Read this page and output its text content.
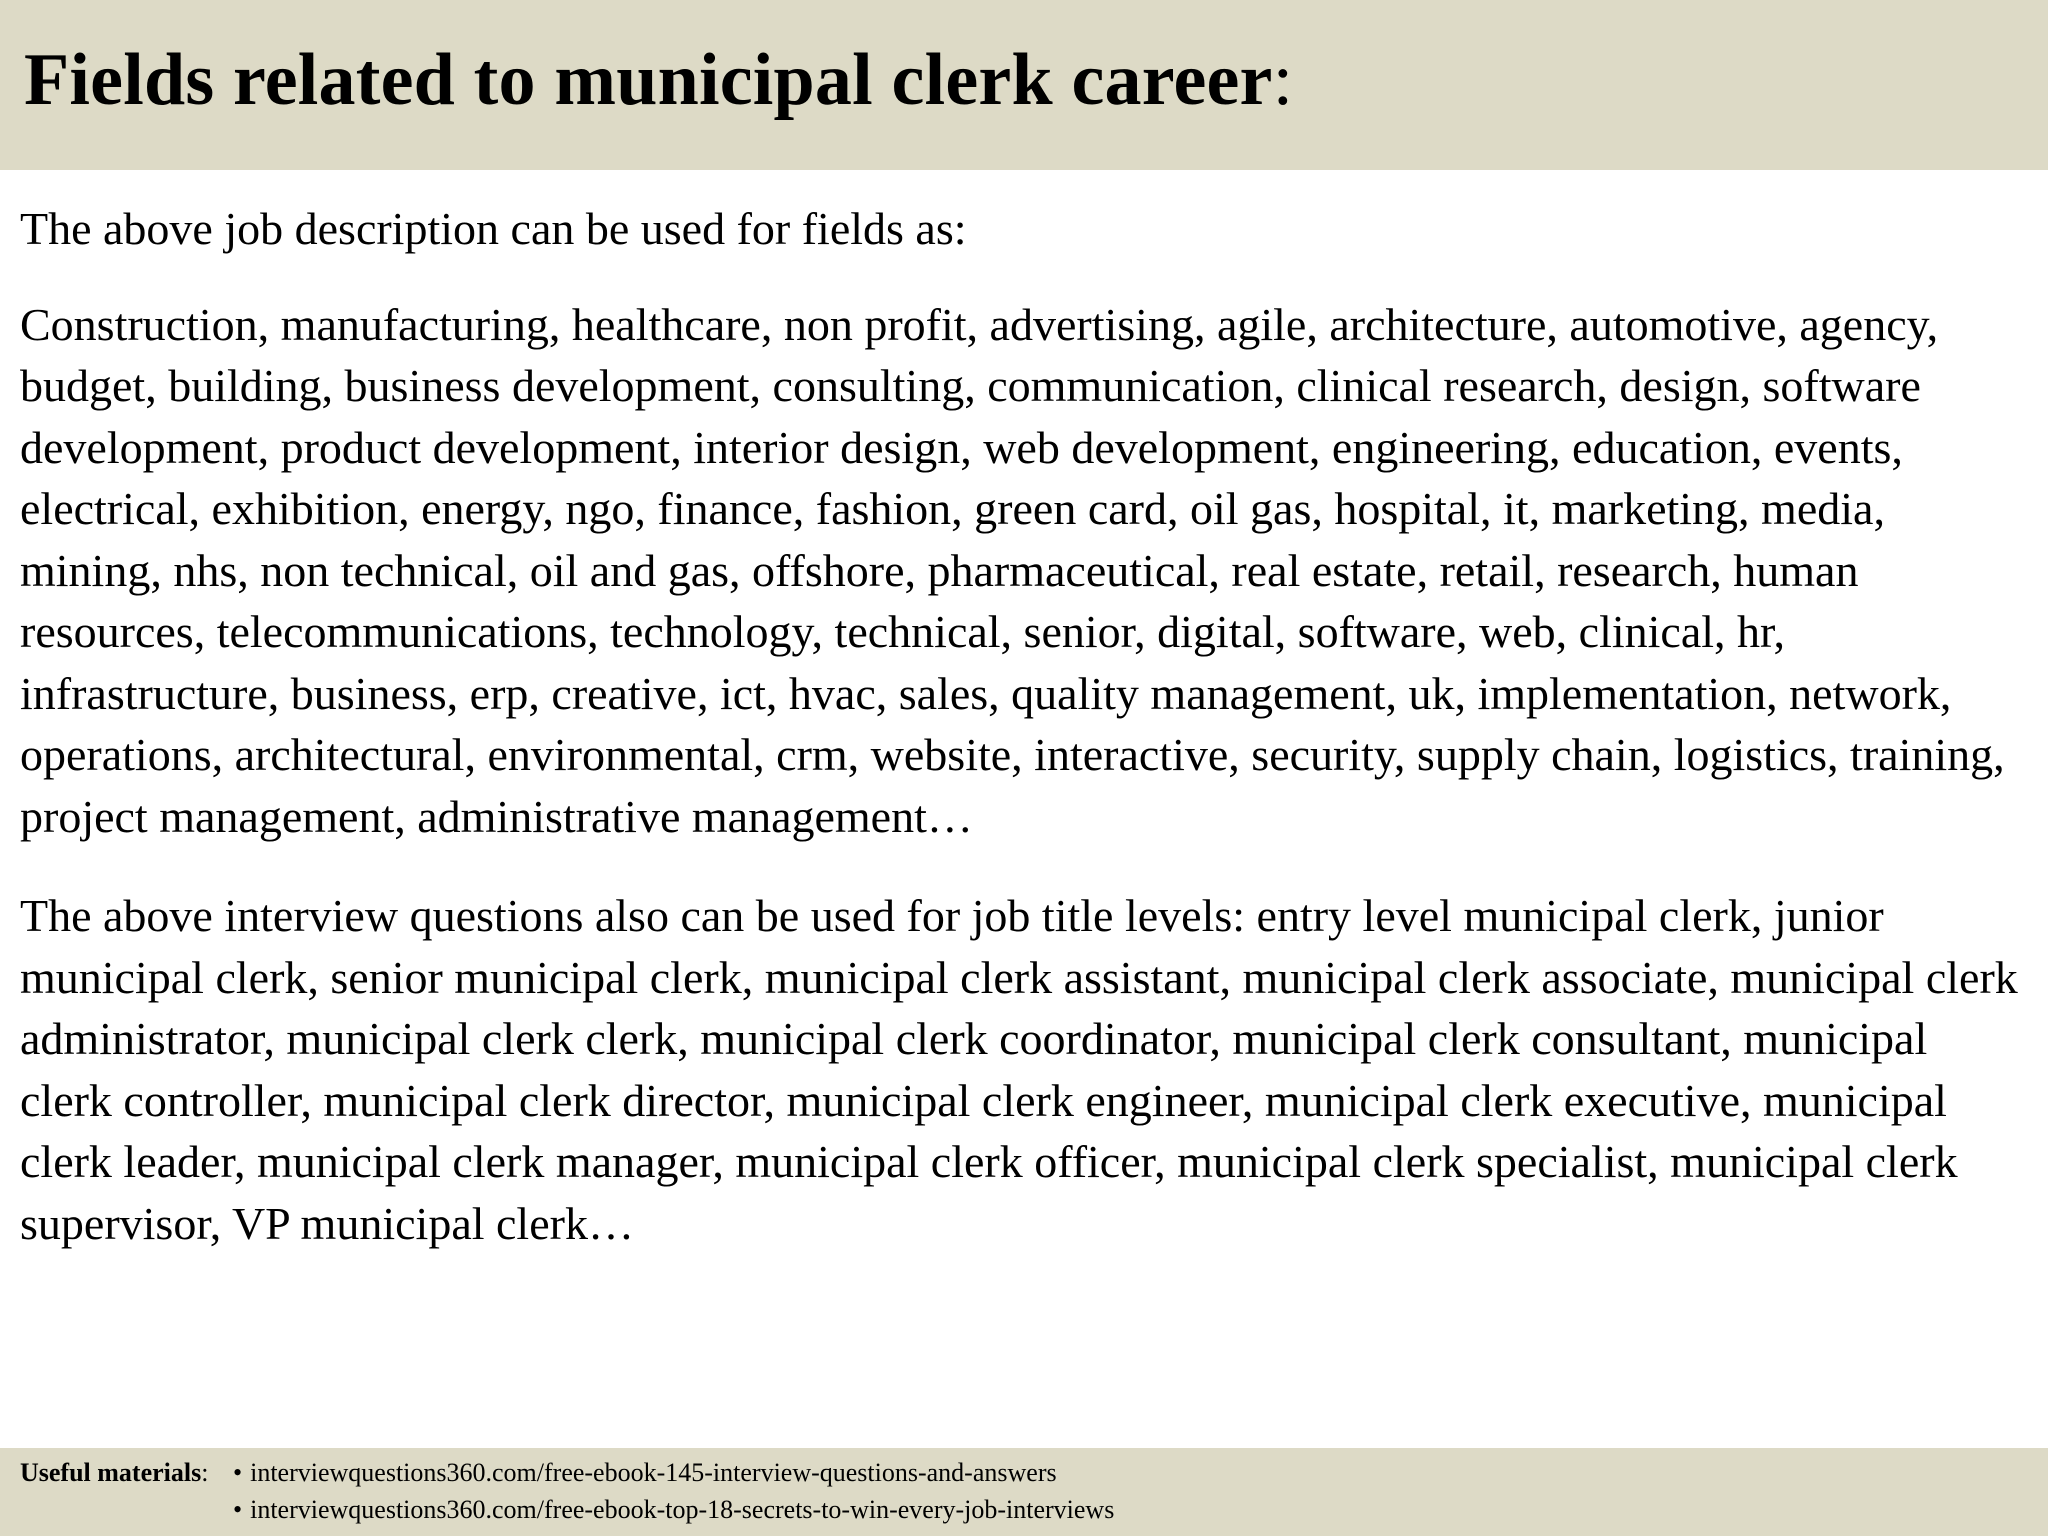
Fields related to municipal clerk career:

The above job description can be used for fields as:

Construction, manufacturing, healthcare, non profit, advertising, agile, architecture, automotive, agency, budget, building, business development, consulting, communication, clinical research, design, software development, product development, interior design, web development, engineering, education, events, electrical, exhibition, energy, ngo, finance, fashion, green card, oil gas, hospital, it, marketing, media, mining, nhs, non technical, oil and gas, offshore, pharmaceutical, real estate, retail, research, human resources, telecommunications, technology, technical, senior, digital, software, web, clinical, hr, infrastructure, business, erp, creative, ict, hvac, sales, quality management, uk, implementation, network, operations, architectural, environmental, crm, website, interactive, security, supply chain, logistics, training, project management, administrative management…

The above interview questions also can be used for job title levels: entry level municipal clerk, junior municipal clerk, senior municipal clerk, municipal clerk assistant, municipal clerk associate, municipal clerk administrator, municipal clerk clerk, municipal clerk coordinator, municipal clerk consultant, municipal clerk controller, municipal clerk director, municipal clerk engineer, municipal clerk executive, municipal clerk leader, municipal clerk manager, municipal clerk officer, municipal clerk specialist, municipal clerk supervisor, VP municipal clerk…

Useful materials: • interviewquestions360.com/free-ebook-145-interview-questions-and-answers
• interviewquestions360.com/free-ebook-top-18-secrets-to-win-every-job-interviews
